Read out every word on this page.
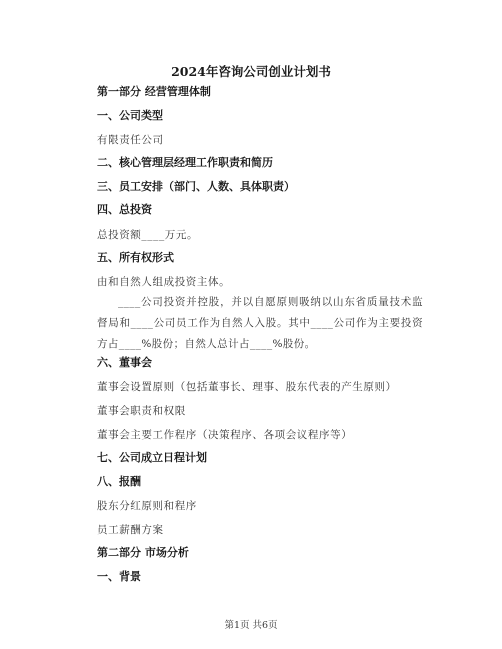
2024年咨询公司创业计划书
第一部分 经营管理体制
一、公司类型
有限责任公司
二、核心管理层经理工作职责和简历
三、员工安排（部门、人数、具体职责）
四、总投资
总投资额____万元。
五、所有权形式
由和自然人组成投资主体。
____公司投资并控股，并以自愿原则吸纳以山东省质量技术监督局和____公司员工作为自然人入股。其中____公司作为主要投资方占____%股份；自然人总计占____%股份。
六、董事会
董事会设置原则（包括董事长、理事、股东代表的产生原则）
董事会职责和权限
董事会主要工作程序（决策程序、各项会议程序等）
七、公司成立日程计划
八、报酬
股东分红原则和程序
员工薪酬方案
第二部分 市场分析
一、背景
第1页 共6页
